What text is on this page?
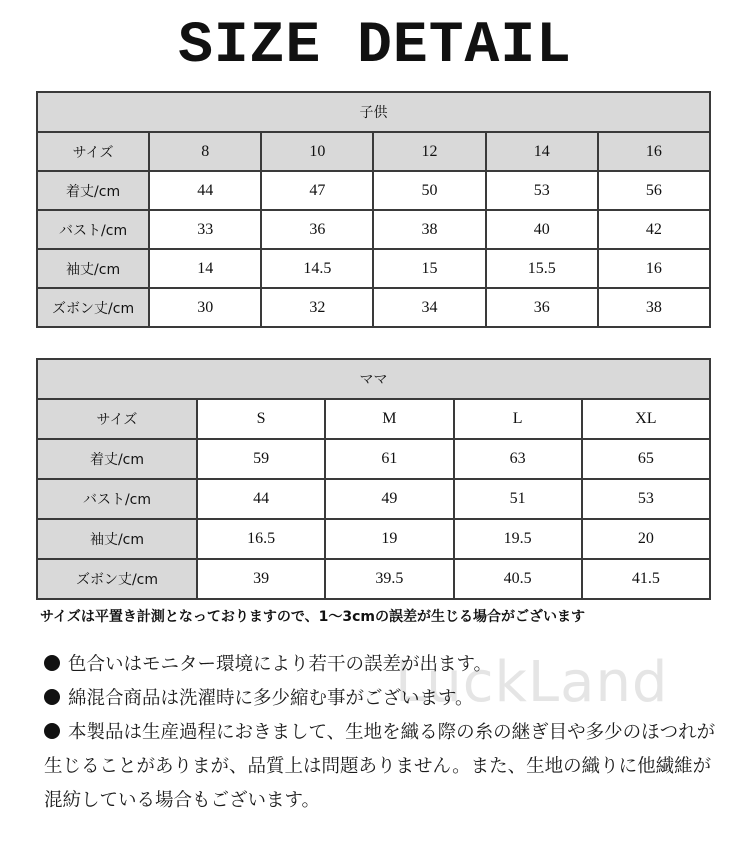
SIZE DETAIL
子供					
サイズ	8	10	12	14	16
着丈/cm	44	47	50	53	56
バスト/cm	33	36	38	40	42
袖丈/cm	14	14.5	15	15.5	16
ズボン丈/cm	30	32	34	36	38
ママ				
サイズ	S	M	L	XL
着丈/cm	59	61	63	65
バスト/cm	44	49	51	53
袖丈/cm	16.5	19	19.5	20
ズボン丈/cm	39	39.5	40.5	41.5
サイズは平置き計測となっておりますので、1〜3cmの誤差が生じる場合がございます
LuckLand
色合いはモニター環境により若干の誤差が出ます。
綿混合商品は洗濯時に多少縮む事がございます。
本製品は生産過程におきまして、生地を織る際の糸の継ぎ目や多少のほつれが生じることがありまが、品質上は問題ありません。また、生地の織りに他繊維が混紡している場合もございます。
